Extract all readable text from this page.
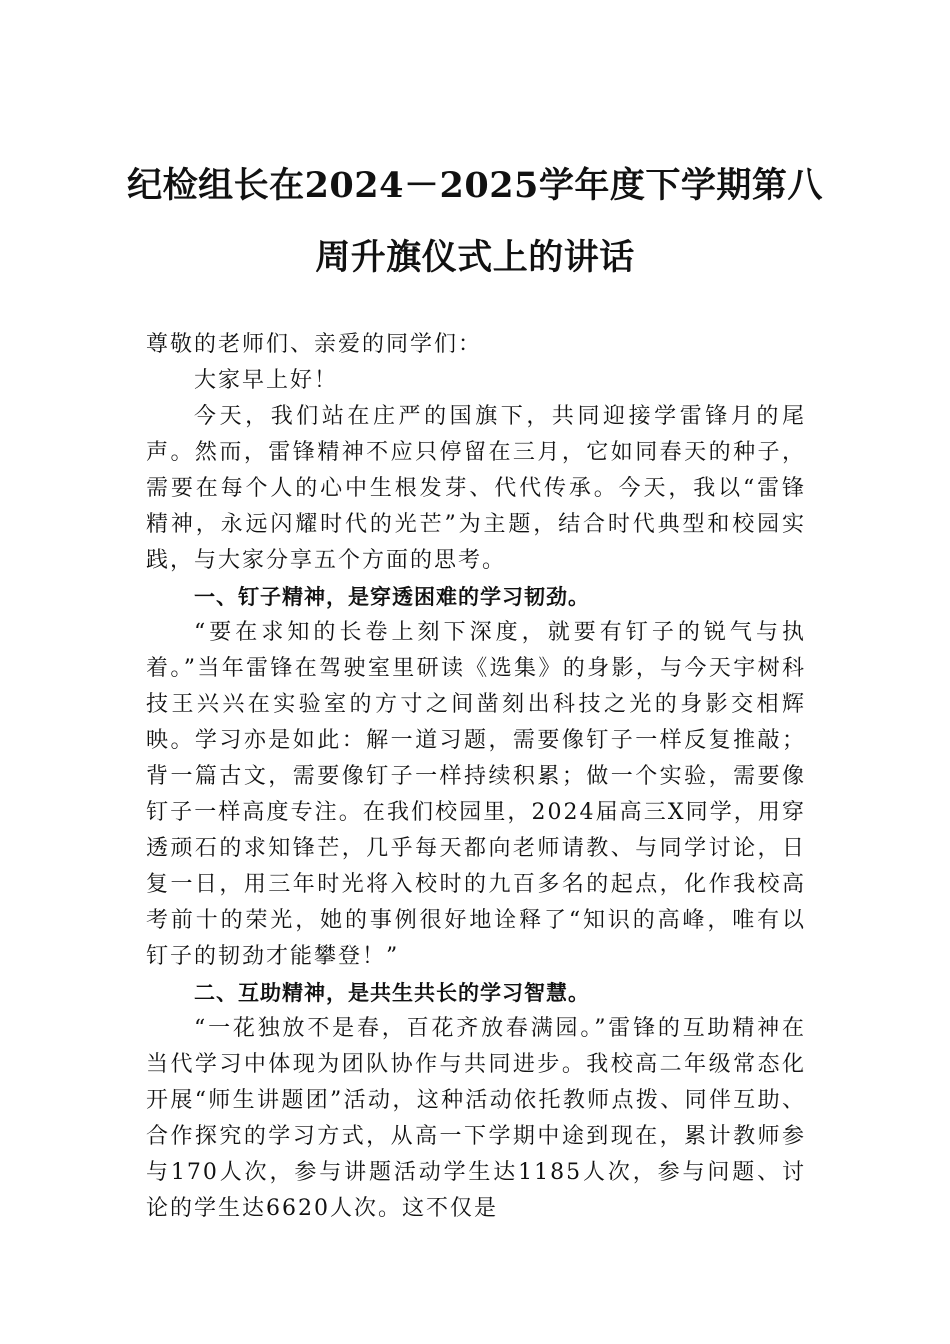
纪检组长在2024－2025学年度下学期第八
周升旗仪式上的讲话

尊敬的老师们、亲爱的同学们：

大家早上好！

今天，我们站在庄严的国旗下，共同迎接学雷锋月的尾声。然而，雷锋精神不应只停留在三月，它如同春天的种子，需要在每个人的心中生根发芽、代代传承。今天，我以“雷锋精神，永远闪耀时代的光芒”为主题，结合时代典型和校园实践，与大家分享五个方面的思考。

一、钉子精神，是穿透困难的学习韧劲。

“要在求知的长卷上刻下深度，就要有钉子的锐气与执着。”当年雷锋在驾驶室里研读《选集》的身影，与今天宇树科技王兴兴在实验室的方寸之间凿刻出科技之光的身影交相辉映。学习亦是如此：解一道习题，需要像钉子一样反复推敲；背一篇古文，需要像钉子一样持续积累；做一个实验，需要像钉子一样高度专注。在我们校园里，2024届高三X同学，用穿透顽石的求知锋芒，几乎每天都向老师请教、与同学讨论，日复一日，用三年时光将入校时的九百多名的起点，化作我校高考前十的荣光，她的事例很好地诠释了“知识的高峰，唯有以钉子的韧劲才能攀登！”

二、互助精神，是共生共长的学习智慧。

“一花独放不是春，百花齐放春满园。”雷锋的互助精神在当代学习中体现为团队协作与共同进步。我校高二年级常态化开展“师生讲题团”活动，这种活动依托教师点拨、同伴互助、合作探究的学习方式，从高一下学期中途到现在，累计教师参与170人次，参与讲题活动学生达1185人次，参与问题、讨论的学生达6620人次。这不仅是
